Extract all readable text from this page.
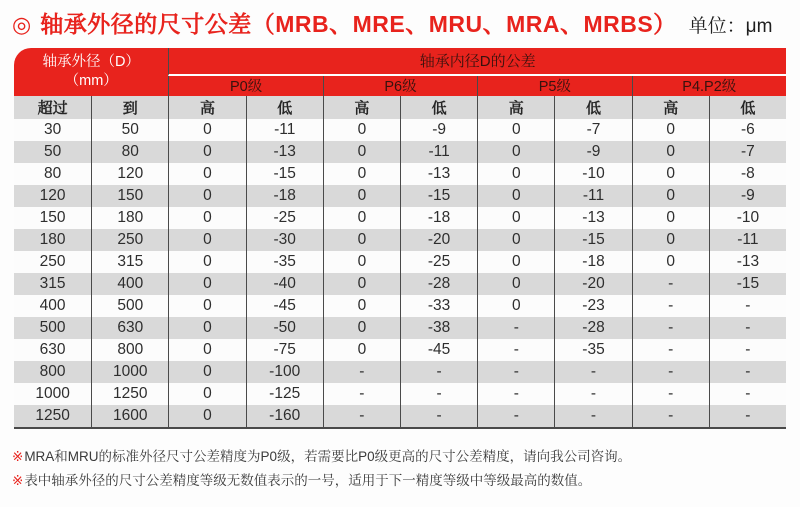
◎ 轴承外径的尺寸公差（MRB、MRE、MRU、MRA、MRBS） 单位：μm
轴承外径（D）
（mm）
轴承内径D的公差
P0级	P6级	P5级	P4.P2级
超过	到	高	低	高	低	高	低	高	低
30	50	0	-11	0	-9	0	-7	0	-6
50	80	0	-13	0	-11	0	-9	0	-7
80	120	0	-15	0	-13	0	-10	0	-8
120	150	0	-18	0	-15	0	-11	0	-9
150	180	0	-25	0	-18	0	-13	0	-10
180	250	0	-30	0	-20	0	-15	0	-11
250	315	0	-35	0	-25	0	-18	0	-13
315	400	0	-40	0	-28	0	-20	-	-15
400	500	0	-45	0	-33	0	-23	-	-
500	630	0	-50	0	-38	-	-28	-	-
630	800	0	-75	0	-45	-	-35	-	-
800	1000	0	-100	-	-	-	-	-	-
1000	1250	0	-125	-	-	-	-	-	-
1250	1600	0	-160	-	-	-	-	-	-

※MRA和MRU的标准外径尺寸公差精度为P0级，若需要比P0级更高的尺寸公差精度，请向我公司咨询。

※表中轴承外径的尺寸公差精度等级无数值表示的一号，适用于下一精度等级中等级最高的数值。
